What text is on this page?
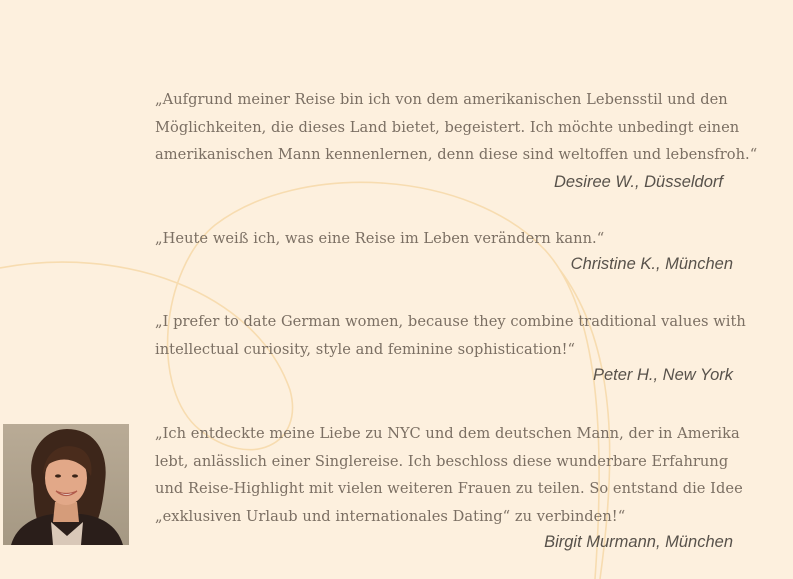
„Aufgrund meiner Reise bin ich von dem amerikanischen Lebensstil und den
Möglichkeiten, die dieses Land bietet, begeistert. Ich möchte unbedingt einen
amerikanischen Mann kennenlernen, denn diese sind weltoffen und lebensfroh.“

Desiree W., Düsseldorf

„Heute weiß ich, was eine Reise im Leben verändern kann.“

Christine K., München

„I prefer to date German women, because they combine traditional values with
intellectual curiosity, style and feminine sophistication!“

Peter H., New York

„Ich entdeckte meine Liebe zu NYC und dem deutschen Mann, der in Amerika
lebt, anlässlich einer Singlereise. Ich beschloss diese wunderbare Erfahrung
und Reise-Highlight mit vielen weiteren Frauen zu teilen. So entstand die Idee
„exklusiven Urlaub und internationales Dating“ zu verbinden!“

Birgit Murmann, München
